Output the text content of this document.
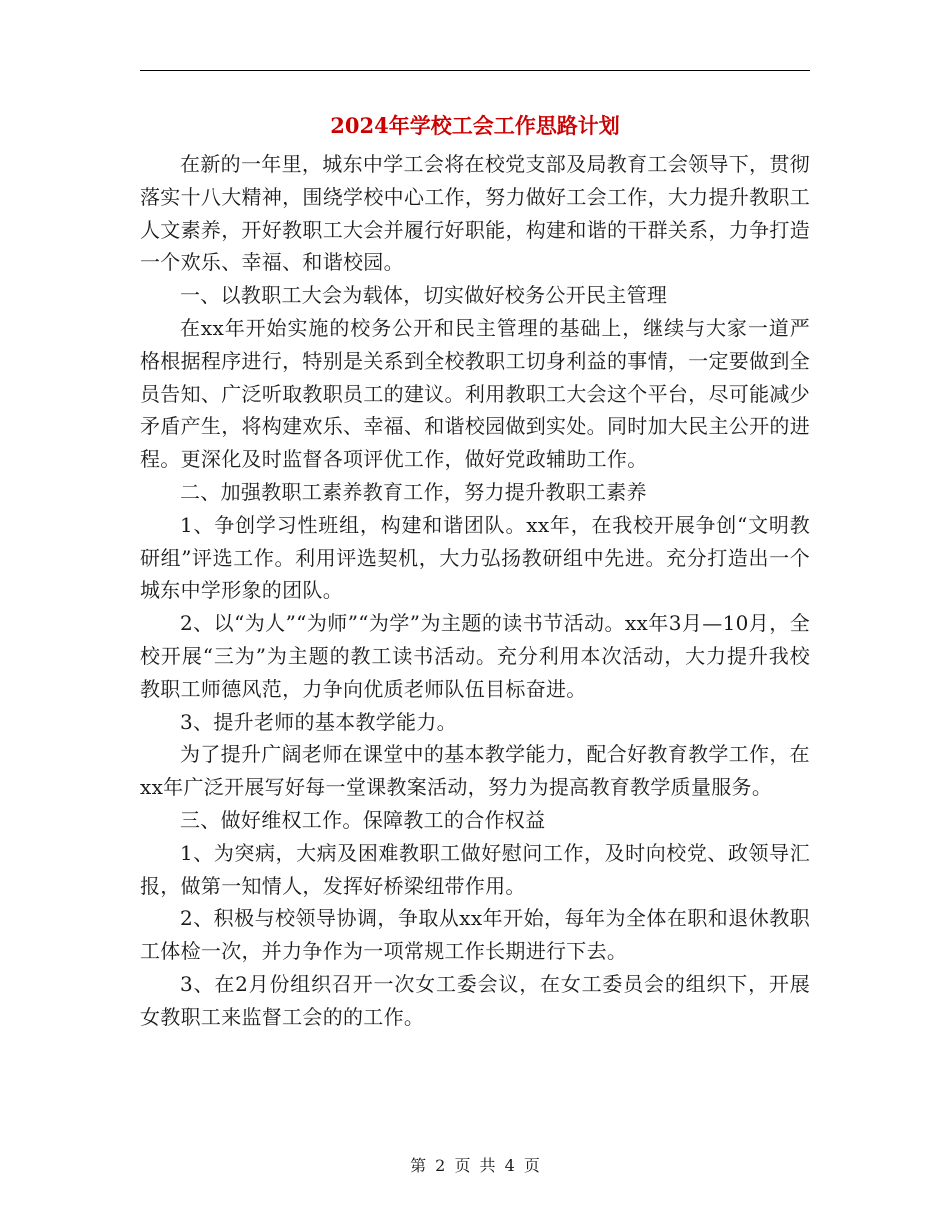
2024年学校工会工作思路计划

在新的一年里，城东中学工会将在校党支部及局教育工会领导下，贯彻落实十八大精神，围绕学校中心工作，努力做好工会工作，大力提升教职工人文素养，开好教职工大会并履行好职能，构建和谐的干群关系，力争打造一个欢乐、幸福、和谐校园。

一、以教职工大会为载体，切实做好校务公开民主管理

在xx年开始实施的校务公开和民主管理的基础上，继续与大家一道严格根据程序进行，特别是关系到全校教职工切身利益的事情，一定要做到全员告知、广泛听取教职员工的建议。利用教职工大会这个平台，尽可能减少矛盾产生，将构建欢乐、幸福、和谐校园做到实处。同时加大民主公开的进程。更深化及时监督各项评优工作，做好党政辅助工作。

二、加强教职工素养教育工作，努力提升教职工素养

1、争创学习性班组，构建和谐团队。xx年，在我校开展争创“文明教研组”评选工作。利用评选契机，大力弘扬教研组中先进。充分打造出一个城东中学形象的团队。

2、以“为人”“为师”“为学”为主题的读书节活动。xx年3月—10月，全校开展“三为”为主题的教工读书活动。充分利用本次活动，大力提升我校教职工师德风范，力争向优质老师队伍目标奋进。

3、提升老师的基本教学能力。

为了提升广阔老师在课堂中的基本教学能力，配合好教育教学工作，在xx年广泛开展写好每一堂课教案活动，努力为提高教育教学质量服务。

三、做好维权工作。保障教工的合作权益

1、为突病，大病及困难教职工做好慰问工作，及时向校党、政领导汇报，做第一知情人，发挥好桥梁纽带作用。

2、积极与校领导协调，争取从xx年开始，每年为全体在职和退休教职工体检一次，并力争作为一项常规工作长期进行下去。

3、在2月份组织召开一次女工委会议，在女工委员会的组织下，开展女教职工来监督工会的的工作。

第 2 页 共 4 页
